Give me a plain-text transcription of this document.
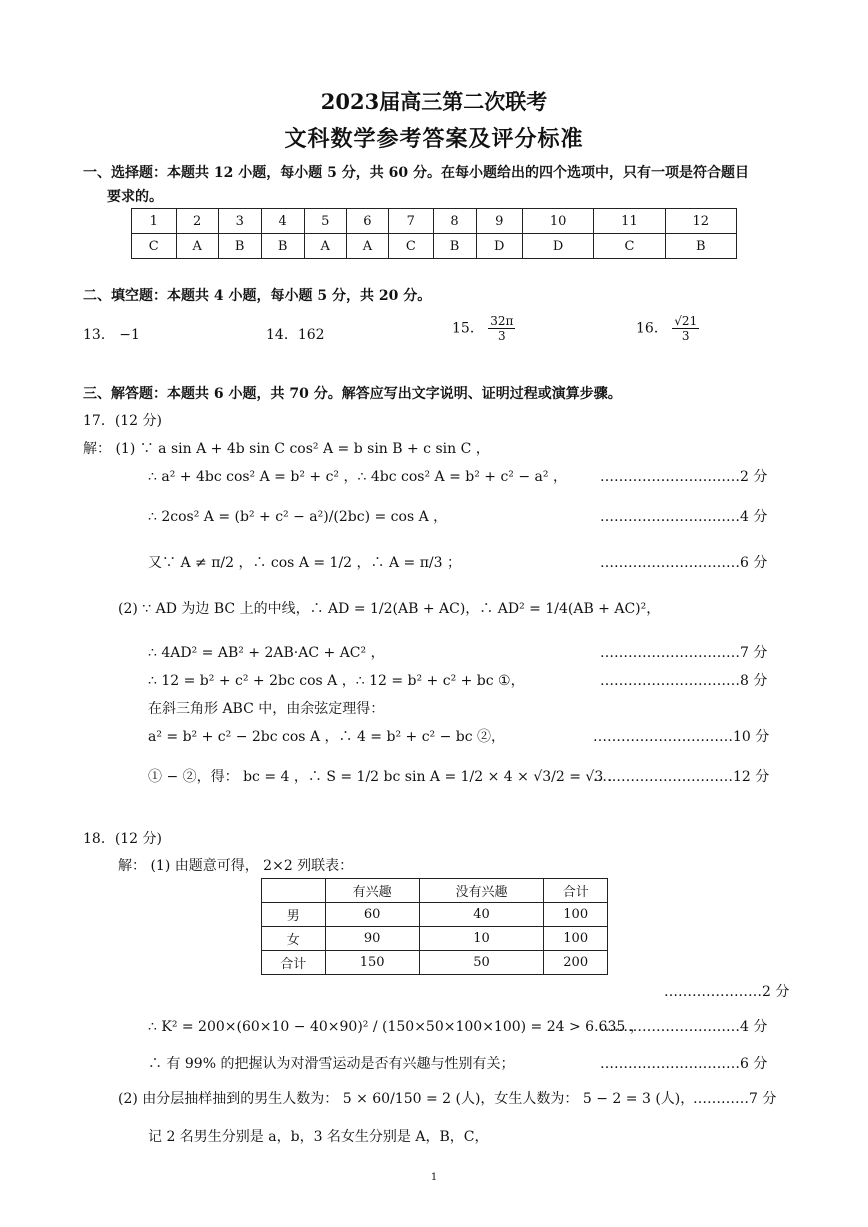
2023届高三第二次联考
文科数学参考答案及评分标准
一、选择题：本题共 12 小题，每小题 5 分，共 60 分。在每小题给出的四个选项中，只有一项是符合题目
要求的。
1	2	3	4	5	6	7	8	9	10	11	12
C	A	B	B	A	A	C	B	D	D	C	B
二、填空题：本题共 4 小题，每小题 5 分，共 20 分。
13． −1	14．162	15． $\frac{32\pi}{3}$	16． $\frac{√21}{3}$
三、解答题：本题共 6 小题，共 70 分。解答应写出文字说明、证明过程或演算步骤。
17．(12 分)
解： (1) ∵ a sin A + 4b sin C cos² A = b sin B + c sin C ，
∴ a² + 4bc cos² A = b² + c² ，∴ 4bc cos² A = b² + c² − a² ，
∴ 2cos² A = (b² + c² − a²)/(2bc) = cos A ，
又∵ A ≠ π/2 ，∴ cos A = 1/2 ，∴ A = π/3 ；
(2) ∵ AD 为边 BC 上的中线，∴ AD = 1/2(AB + AC)，∴ AD² = 1/4(AB + AC)²，
∴ 4AD² = AB² + 2AB·AC + AC² ，
∴ 12 = b² + c² + 2bc cos A ，∴ 12 = b² + c² + bc ①，
在斜三角形 ABC 中，由余弦定理得：
a² = b² + c² − 2bc cos A ，∴ 4 = b² + c² − bc ②，
① − ②，得： bc = 4 ，∴ S = 1/2 bc sin A = 1/2 × 4 × √3/2 = √3 .
…………………………2 分
…………………………4 分
…………………………6 分
…………………………7 分
…………………………8 分
…………………………10 分
…………………………12 分
18．(12 分)
解： (1) 由题意可得， 2×2 列联表：
	有兴趣	没有兴趣	合计
男	60	40	100
女	90	10	100
合计	150	50	200
…………………2 分
∴ K² = 200×(60×10 − 40×90)² / (150×50×100×100) = 24 > 6.635 ，
…………………………4 分
∴ 有 99% 的把握认为对滑雪运动是否有兴趣与性别有关；	…………………………6 分
(2) 由分层抽样抽到的男生人数为： 5 × 60/150 = 2 (人)，女生人数为： 5 − 2 = 3 (人)，
…………7 分
记 2 名男生分别是 a，b，3 名女生分别是 A，B，C，
1
